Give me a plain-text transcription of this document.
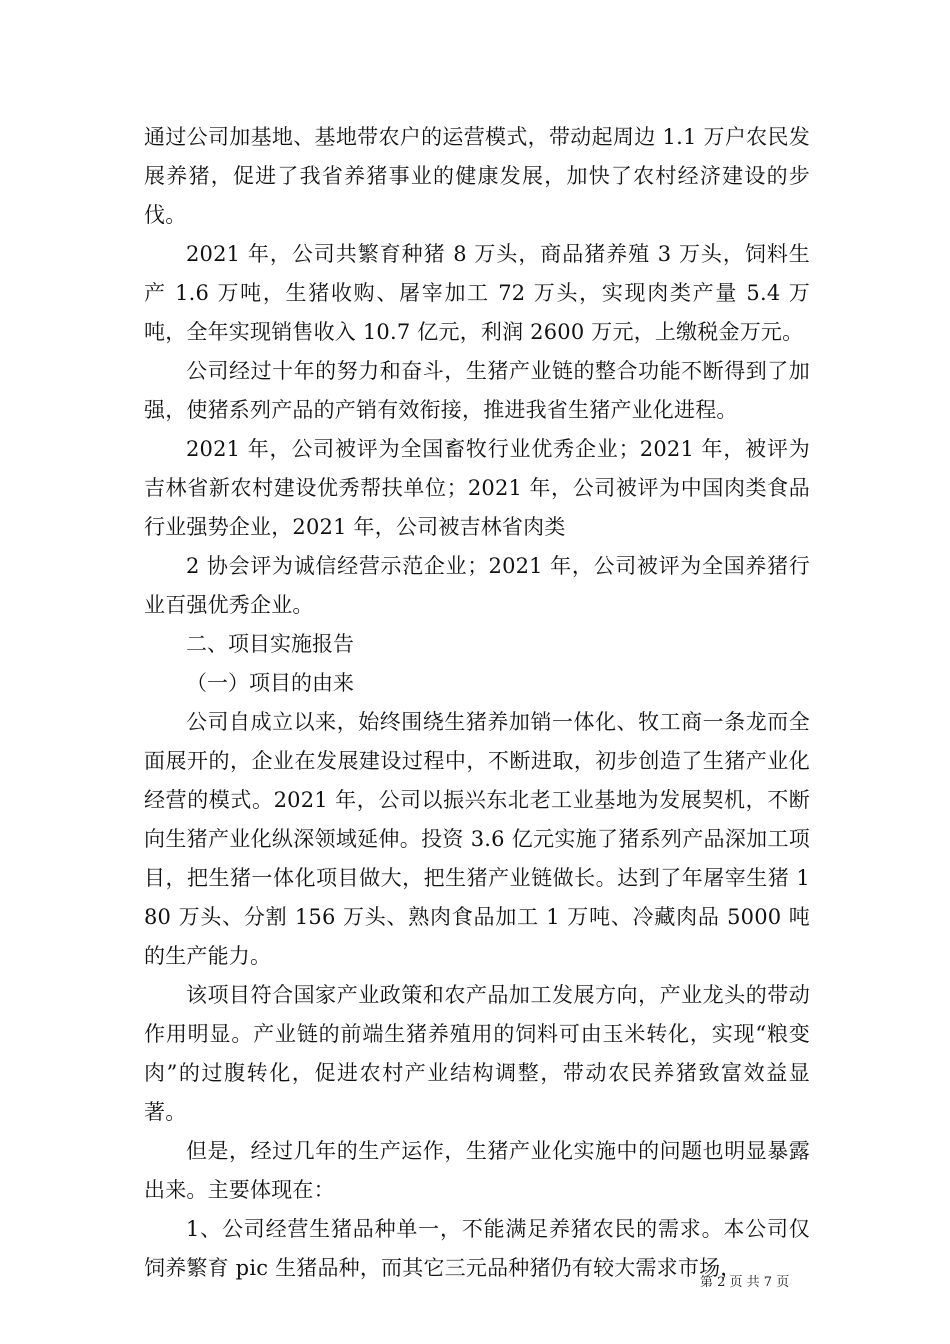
通过公司加基地、基地带农户的运营模式，带动起周边 1.1 万户农民发展养猪，促进了我省养猪事业的健康发展，加快了农村经济建设的步伐。

2021 年，公司共繁育种猪 8 万头，商品猪养殖 3 万头，饲料生产 1.6 万吨，生猪收购、屠宰加工 72 万头，实现肉类产量 5.4 万吨，全年实现销售收入 10.7 亿元，利润 2600 万元，上缴税金万元。

公司经过十年的努力和奋斗，生猪产业链的整合功能不断得到了加强，使猪系列产品的产销有效衔接，推进我省生猪产业化进程。

2021 年，公司被评为全国畜牧行业优秀企业；2021 年，被评为吉林省新农村建设优秀帮扶单位；2021 年，公司被评为中国肉类食品行业强势企业，2021 年，公司被吉林省肉类

2 协会评为诚信经营示范企业；2021 年，公司被评为全国养猪行业百强优秀企业。

二、项目实施报告

（一）项目的由来

公司自成立以来，始终围绕生猪养加销一体化、牧工商一条龙而全面展开的，企业在发展建设过程中，不断进取，初步创造了生猪产业化经营的模式。2021 年，公司以振兴东北老工业基地为发展契机，不断向生猪产业化纵深领域延伸。投资 3.6 亿元实施了猪系列产品深加工项目，把生猪一体化项目做大，把生猪产业链做长。达到了年屠宰生猪 180 万头、分割 156 万头、熟肉食品加工 1 万吨、冷藏肉品 5000 吨的生产能力。

该项目符合国家产业政策和农产品加工发展方向，产业龙头的带动作用明显。产业链的前端生猪养殖用的饲料可由玉米转化，实现“粮变肉”的过腹转化，促进农村产业结构调整，带动农民养猪致富效益显著。

但是，经过几年的生产运作，生猪产业化实施中的问题也明显暴露出来。主要体现在：

1、公司经营生猪品种单一，不能满足养猪农民的需求。本公司仅饲养繁育 pic 生猪品种，而其它三元品种猪仍有较大需求市场，

第 2 页 共 7 页
